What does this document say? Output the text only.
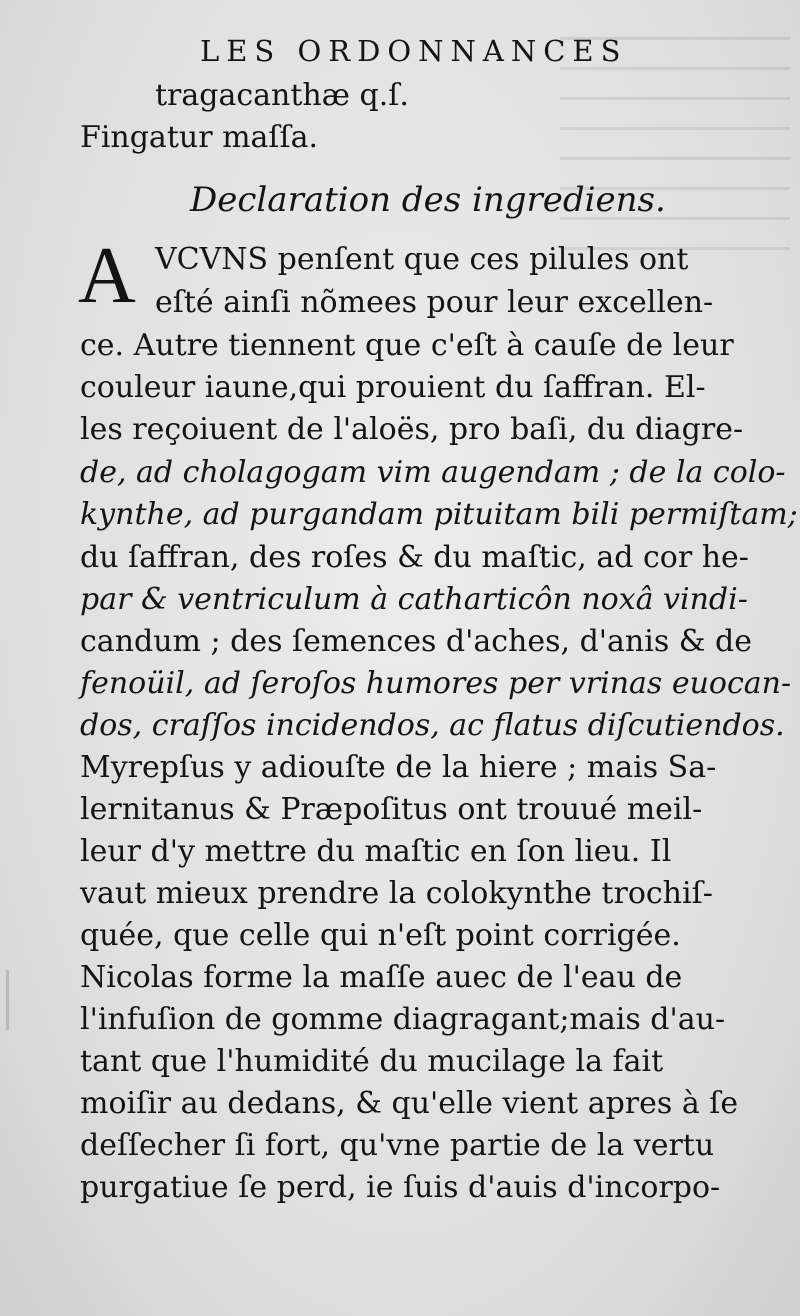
LES ORDONNANCES
tragacanthæ q.ſ.
Fingatur maſſa.
Declaration des ingrediens.
A VCVNS penſent que ces pilules ont
eſté ainſi nõmees pour leur excellen-
ce. Autre tiennent que c'eſt à cauſe de leur
couleur iaune,qui prouient du ſaffran. El-
les reçoiuent de l'aloës, pro baſi, du diagre-
de, ad cholagogam vim augendam ; de la colo-
kynthe, ad purgandam pituitam bili permiſtam;
du ſaffran, des roſes & du maſtic, ad cor he-
par & ventriculum à catharticôn noxâ vindi-
candum ; des ſemences d'aches, d'anis & de
fenoüil, ad ſeroſos humores per vrinas euocan-
dos, craſſos incidendos, ac flatus diſcutiendos.
Myrepſus y adiouſte de la hiere ; mais Sa-
lernitanus & Præpoſitus ont trouué meil-
leur d'y mettre du maſtic en ſon lieu. Il
vaut mieux prendre la colokynthe trochiſ-
quée, que celle qui n'eſt point corrigée.
Nicolas forme la maſſe auec de l'eau de
l'infuſion de gomme diagragant;mais d'au-
tant que l'humidité du mucilage la fait
moiſir au dedans, & qu'elle vient apres à ſe
deſſecher ſi fort, qu'vne partie de la vertu
purgatiue ſe perd, ie ſuis d'auis d'incorpo-
